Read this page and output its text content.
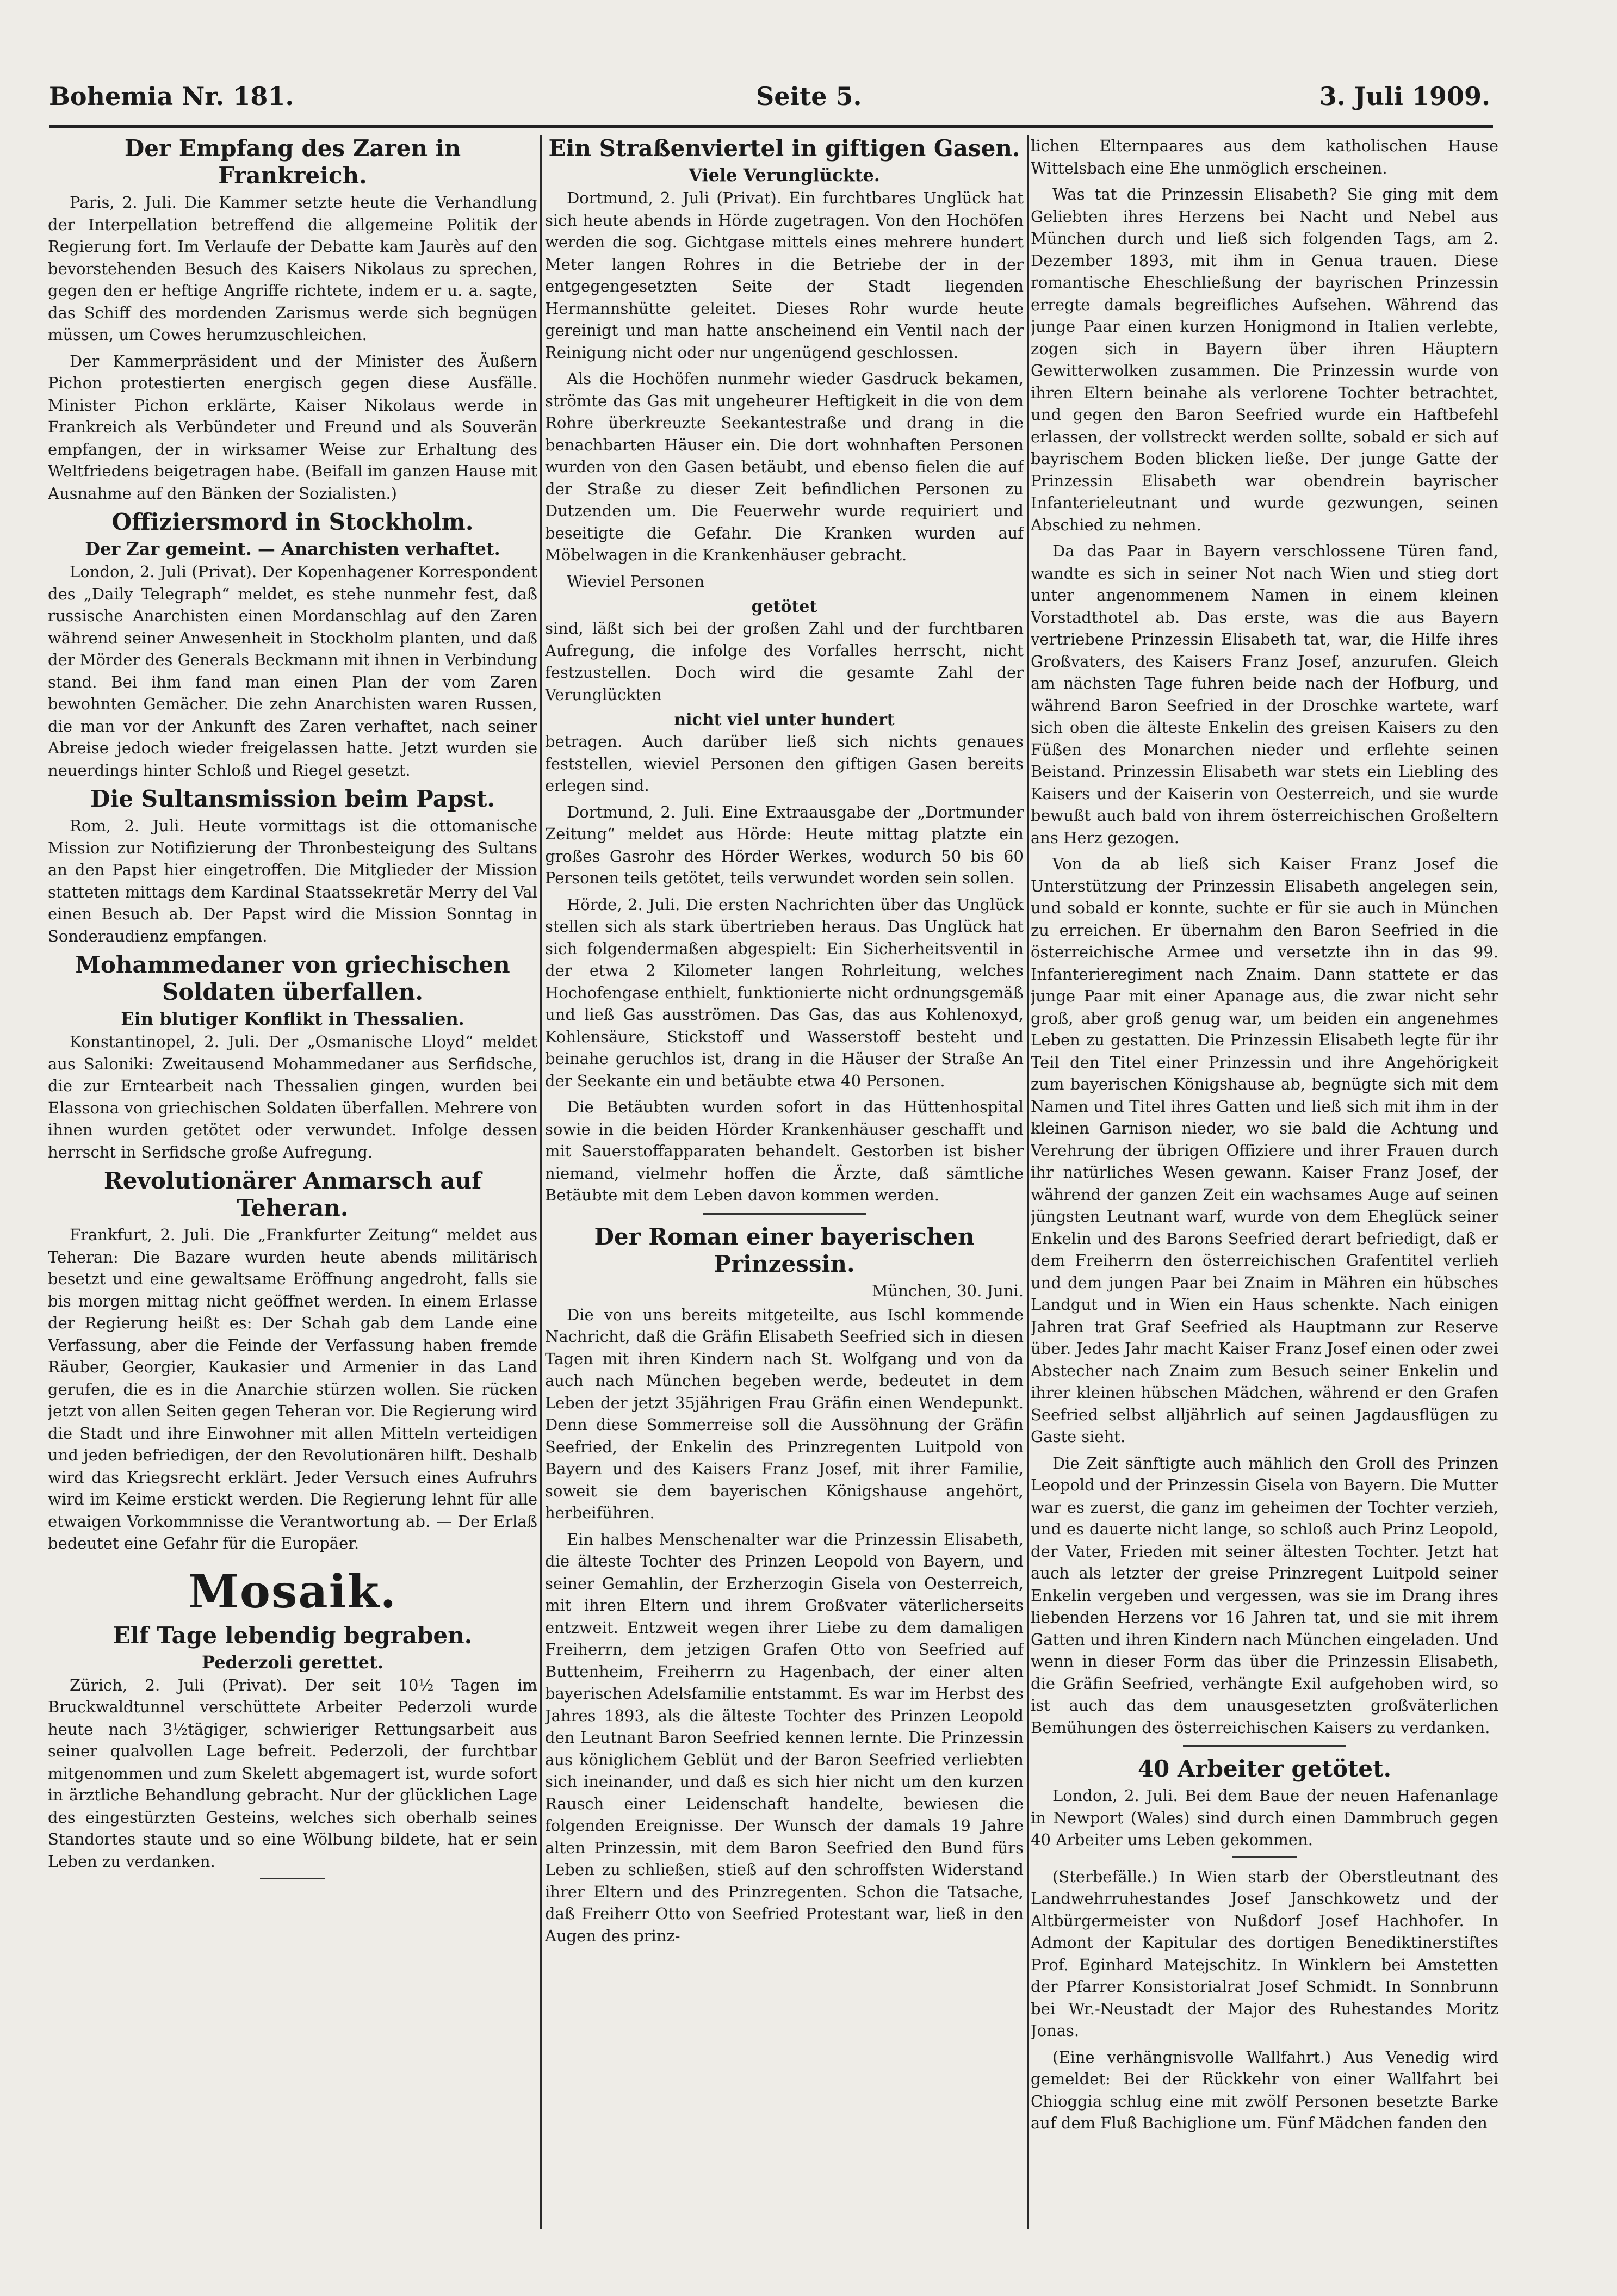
Bohemia Nr. 181.	Seite 5.	3. Juli 1909.
Der Empfang des Zaren in Frankreich.

Paris, 2. Juli. Die Kammer setzte heute die Verhandlung der Interpellation betreffend die allgemeine Politik der Regierung fort. Im Verlaufe der Debatte kam Jaurès auf den bevorstehenden Besuch des Kaisers Nikolaus zu sprechen, gegen den er heftige Angriffe richtete, indem er u. a. sagte, das Schiff des mordenden Zarismus werde sich begnügen müssen, um Cowes herumzuschleichen.

Der Kammerpräsident und der Minister des Äußern Pichon protestierten energisch gegen diese Ausfälle. Minister Pichon erklärte, Kaiser Nikolaus werde in Frankreich als Verbündeter und Freund und als Souverän empfangen, der in wirksamer Weise zur Erhaltung des Weltfriedens beigetragen habe. (Beifall im ganzen Hause mit Ausnahme auf den Bänken der Sozialisten.)

Offiziersmord in Stockholm.
Der Zar gemeint. — Anarchisten verhaftet.

London, 2. Juli (Privat). Der Kopenhagener Korrespondent des „Daily Telegraph“ meldet, es stehe nunmehr fest, daß russische Anarchisten einen Mordanschlag auf den Zaren während seiner Anwesenheit in Stockholm planten, und daß der Mörder des Generals Beckmann mit ihnen in Verbindung stand. Bei ihm fand man einen Plan der vom Zaren bewohnten Gemächer. Die zehn Anarchisten waren Russen, die man vor der Ankunft des Zaren verhaftet, nach seiner Abreise jedoch wieder freigelassen hatte. Jetzt wurden sie neuerdings hinter Schloß und Riegel gesetzt.

Die Sultansmission beim Papst.

Rom, 2. Juli. Heute vormittags ist die ottomanische Mission zur Notifizierung der Thronbesteigung des Sultans an den Papst hier eingetroffen. Die Mitglieder der Mission statteten mittags dem Kardinal Staatssekretär Merry del Val einen Besuch ab. Der Papst wird die Mission Sonntag in Sonderaudienz empfangen.

Mohammedaner von griechischen Soldaten überfallen.
Ein blutiger Konflikt in Thessalien.

Konstantinopel, 2. Juli. Der „Osmanische Lloyd“ meldet aus Saloniki: Zweitausend Mohammedaner aus Serfidsche, die zur Erntearbeit nach Thessalien gingen, wurden bei Elassona von griechischen Soldaten überfallen. Mehrere von ihnen wurden getötet oder verwundet. Infolge dessen herrscht in Serfidsche große Aufregung.

Revolutionärer Anmarsch auf Teheran.

Frankfurt, 2. Juli. Die „Frankfurter Zeitung“ meldet aus Teheran: Die Bazare wurden heute abends militärisch besetzt und eine gewaltsame Eröffnung angedroht, falls sie bis morgen mittag nicht geöffnet werden. In einem Erlasse der Regierung heißt es: Der Schah gab dem Lande eine Verfassung, aber die Feinde der Verfassung haben fremde Räuber, Georgier, Kaukasier und Armenier in das Land gerufen, die es in die Anarchie stürzen wollen. Sie rücken jetzt von allen Seiten gegen Teheran vor. Die Regierung wird die Stadt und ihre Einwohner mit allen Mitteln verteidigen und jeden befriedigen, der den Revolutionären hilft. Deshalb wird das Kriegsrecht erklärt. Jeder Versuch eines Aufruhrs wird im Keime erstickt werden. Die Regierung lehnt für alle etwaigen Vorkommnisse die Verantwortung ab. — Der Erlaß bedeutet eine Gefahr für die Europäer.

Mosaik.
Elf Tage lebendig begraben.
Pederzoli gerettet.

Zürich, 2. Juli (Privat). Der seit 10½ Tagen im Bruckwaldtunnel verschüttete Arbeiter Pederzoli wurde heute nach 3½tägiger, schwieriger Rettungsarbeit aus seiner qualvollen Lage befreit. Pederzoli, der furchtbar mitgenommen und zum Skelett abgemagert ist, wurde sofort in ärztliche Behandlung gebracht. Nur der glücklichen Lage des eingestürzten Gesteins, welches sich oberhalb seines Standortes staute und so eine Wölbung bildete, hat er sein Leben zu verdanken.

Ein Straßenviertel in giftigen Gasen.
Viele Verunglückte.

Dortmund, 2. Juli (Privat). Ein furchtbares Unglück hat sich heute abends in Hörde zugetragen. Von den Hochöfen werden die sog. Gichtgase mittels eines mehrere hundert Meter langen Rohres in die Betriebe der in der entgegengesetzten Seite der Stadt liegenden Hermannshütte geleitet. Dieses Rohr wurde heute gereinigt und man hatte anscheinend ein Ventil nach der Reinigung nicht oder nur ungenügend geschlossen.

Als die Hochöfen nunmehr wieder Gasdruck bekamen, strömte das Gas mit ungeheurer Heftigkeit in die von dem Rohre überkreuzte Seekantestraße und drang in die benachbarten Häuser ein. Die dort wohnhaften Personen wurden von den Gasen betäubt, und ebenso fielen die auf der Straße zu dieser Zeit befindlichen Personen zu Dutzenden um. Die Feuerwehr wurde requiriert und beseitigte die Gefahr. Die Kranken wurden auf Möbelwagen in die Krankenhäuser gebracht.

Wieviel Personen

getötet

sind, läßt sich bei der großen Zahl und der furchtbaren Aufregung, die infolge des Vorfalles herrscht, nicht festzustellen. Doch wird die gesamte Zahl der Verunglückten

nicht viel unter hundert

betragen. Auch darüber ließ sich nichts genaues feststellen, wieviel Personen den giftigen Gasen bereits erlegen sind.

Dortmund, 2. Juli. Eine Extraausgabe der „Dortmunder Zeitung“ meldet aus Hörde: Heute mittag platzte ein großes Gasrohr des Hörder Werkes, wodurch 50 bis 60 Personen teils getötet, teils verwundet worden sein sollen.

Hörde, 2. Juli. Die ersten Nachrichten über das Unglück stellen sich als stark übertrieben heraus. Das Unglück hat sich folgendermaßen abgespielt: Ein Sicherheitsventil in der etwa 2 Kilometer langen Rohrleitung, welches Hochofengase enthielt, funktionierte nicht ordnungsgemäß und ließ Gas ausströmen. Das Gas, das aus Kohlenoxyd, Kohlensäure, Stickstoff und Wasserstoff besteht und beinahe geruchlos ist, drang in die Häuser der Straße An der Seekante ein und betäubte etwa 40 Personen.

Die Betäubten wurden sofort in das Hüttenhospital sowie in die beiden Hörder Krankenhäuser geschafft und mit Sauerstoffapparaten behandelt. Gestorben ist bisher niemand, vielmehr hoffen die Ärzte, daß sämtliche Betäubte mit dem Leben davon kommen werden.

Der Roman einer bayerischen Prinzessin.
München, 30. Juni.

Die von uns bereits mitgeteilte, aus Ischl kommende Nachricht, daß die Gräfin Elisabeth Seefried sich in diesen Tagen mit ihren Kindern nach St. Wolfgang und von da auch nach München begeben werde, bedeutet in dem Leben der jetzt 35jährigen Frau Gräfin einen Wendepunkt. Denn diese Sommerreise soll die Aussöhnung der Gräfin Seefried, der Enkelin des Prinzregenten Luitpold von Bayern und des Kaisers Franz Josef, mit ihrer Familie, soweit sie dem bayerischen Königshause angehört, herbeiführen.

Ein halbes Menschenalter war die Prinzessin Elisabeth, die älteste Tochter des Prinzen Leopold von Bayern, und seiner Gemahlin, der Erzherzogin Gisela von Oesterreich, mit ihren Eltern und ihrem Großvater väterlicherseits entzweit. Entzweit wegen ihrer Liebe zu dem damaligen Freiherrn, dem jetzigen Grafen Otto von Seefried auf Buttenheim, Freiherrn zu Hagenbach, der einer alten bayerischen Adelsfamilie entstammt. Es war im Herbst des Jahres 1893, als die älteste Tochter des Prinzen Leopold den Leutnant Baron Seefried kennen lernte. Die Prinzessin aus königlichem Geblüt und der Baron Seefried verliebten sich ineinander, und daß es sich hier nicht um den kurzen Rausch einer Leidenschaft handelte, bewiesen die folgenden Ereignisse. Der Wunsch der damals 19 Jahre alten Prinzessin, mit dem Baron Seefried den Bund fürs Leben zu schließen, stieß auf den schroffsten Widerstand ihrer Eltern und des Prinzregenten. Schon die Tatsache, daß Freiherr Otto von Seefried Protestant war, ließ in den Augen des prinz-

lichen Elternpaares aus dem katholischen Hause Wittelsbach eine Ehe unmöglich erscheinen.

Was tat die Prinzessin Elisabeth? Sie ging mit dem Geliebten ihres Herzens bei Nacht und Nebel aus München durch und ließ sich folgenden Tags, am 2. Dezember 1893, mit ihm in Genua trauen. Diese romantische Eheschließung der bayrischen Prinzessin erregte damals begreifliches Aufsehen. Während das junge Paar einen kurzen Honigmond in Italien verlebte, zogen sich in Bayern über ihren Häuptern Gewitterwolken zusammen. Die Prinzessin wurde von ihren Eltern beinahe als verlorene Tochter betrachtet, und gegen den Baron Seefried wurde ein Haftbefehl erlassen, der vollstreckt werden sollte, sobald er sich auf bayrischem Boden blicken ließe. Der junge Gatte der Prinzessin Elisabeth war obendrein bayrischer Infanterieleutnant und wurde gezwungen, seinen Abschied zu nehmen.

Da das Paar in Bayern verschlossene Türen fand, wandte es sich in seiner Not nach Wien und stieg dort unter angenommenem Namen in einem kleinen Vorstadthotel ab. Das erste, was die aus Bayern vertriebene Prinzessin Elisabeth tat, war, die Hilfe ihres Großvaters, des Kaisers Franz Josef, anzurufen. Gleich am nächsten Tage fuhren beide nach der Hofburg, und während Baron Seefried in der Droschke wartete, warf sich oben die älteste Enkelin des greisen Kaisers zu den Füßen des Monarchen nieder und erflehte seinen Beistand. Prinzessin Elisabeth war stets ein Liebling des Kaisers und der Kaiserin von Oesterreich, und sie wurde bewußt auch bald von ihrem österreichischen Großeltern ans Herz gezogen.

Von da ab ließ sich Kaiser Franz Josef die Unterstützung der Prinzessin Elisabeth angelegen sein, und sobald er konnte, suchte er für sie auch in München zu erreichen. Er übernahm den Baron Seefried in die österreichische Armee und versetzte ihn in das 99. Infanterieregiment nach Znaim. Dann stattete er das junge Paar mit einer Apanage aus, die zwar nicht sehr groß, aber groß genug war, um beiden ein angenehmes Leben zu gestatten. Die Prinzessin Elisabeth legte für ihr Teil den Titel einer Prinzessin und ihre Angehörigkeit zum bayerischen Königshause ab, begnügte sich mit dem Namen und Titel ihres Gatten und ließ sich mit ihm in der kleinen Garnison nieder, wo sie bald die Achtung und Verehrung der übrigen Offiziere und ihrer Frauen durch ihr natürliches Wesen gewann. Kaiser Franz Josef, der während der ganzen Zeit ein wachsames Auge auf seinen jüngsten Leutnant warf, wurde von dem Eheglück seiner Enkelin und des Barons Seefried derart befriedigt, daß er dem Freiherrn den österreichischen Grafentitel verlieh und dem jungen Paar bei Znaim in Mähren ein hübsches Landgut und in Wien ein Haus schenkte. Nach einigen Jahren trat Graf Seefried als Hauptmann zur Reserve über. Jedes Jahr macht Kaiser Franz Josef einen oder zwei Abstecher nach Znaim zum Besuch seiner Enkelin und ihrer kleinen hübschen Mädchen, während er den Grafen Seefried selbst alljährlich auf seinen Jagdausflügen zu Gaste sieht.

Die Zeit sänftigte auch mählich den Groll des Prinzen Leopold und der Prinzessin Gisela von Bayern. Die Mutter war es zuerst, die ganz im geheimen der Tochter verzieh, und es dauerte nicht lange, so schloß auch Prinz Leopold, der Vater, Frieden mit seiner ältesten Tochter. Jetzt hat auch als letzter der greise Prinzregent Luitpold seiner Enkelin vergeben und vergessen, was sie im Drang ihres liebenden Herzens vor 16 Jahren tat, und sie mit ihrem Gatten und ihren Kindern nach München eingeladen. Und wenn in dieser Form das über die Prinzessin Elisabeth, die Gräfin Seefried, verhängte Exil aufgehoben wird, so ist auch das dem unausgesetzten großväterlichen Bemühungen des österreichischen Kaisers zu verdanken.

40 Arbeiter getötet.

London, 2. Juli. Bei dem Baue der neuen Hafenanlage in Newport (Wales) sind durch einen Dammbruch gegen 40 Arbeiter ums Leben gekommen.

(Sterbefälle.) In Wien starb der Oberstleutnant des Landwehrruhestandes Josef Janschkowetz und der Altbürgermeister von Nußdorf Josef Hachhofer. In Admont der Kapitular des dortigen Benediktinerstiftes Prof. Eginhard Matejschitz. In Winklern bei Amstetten der Pfarrer Konsistorialrat Josef Schmidt. In Sonnbrunn bei Wr.-Neustadt der Major des Ruhestandes Moritz Jonas.

(Eine verhängnisvolle Wallfahrt.) Aus Venedig wird gemeldet: Bei der Rückkehr von einer Wallfahrt bei Chioggia schlug eine mit zwölf Personen besetzte Barke auf dem Fluß Bachiglione um. Fünf Mädchen fanden den
